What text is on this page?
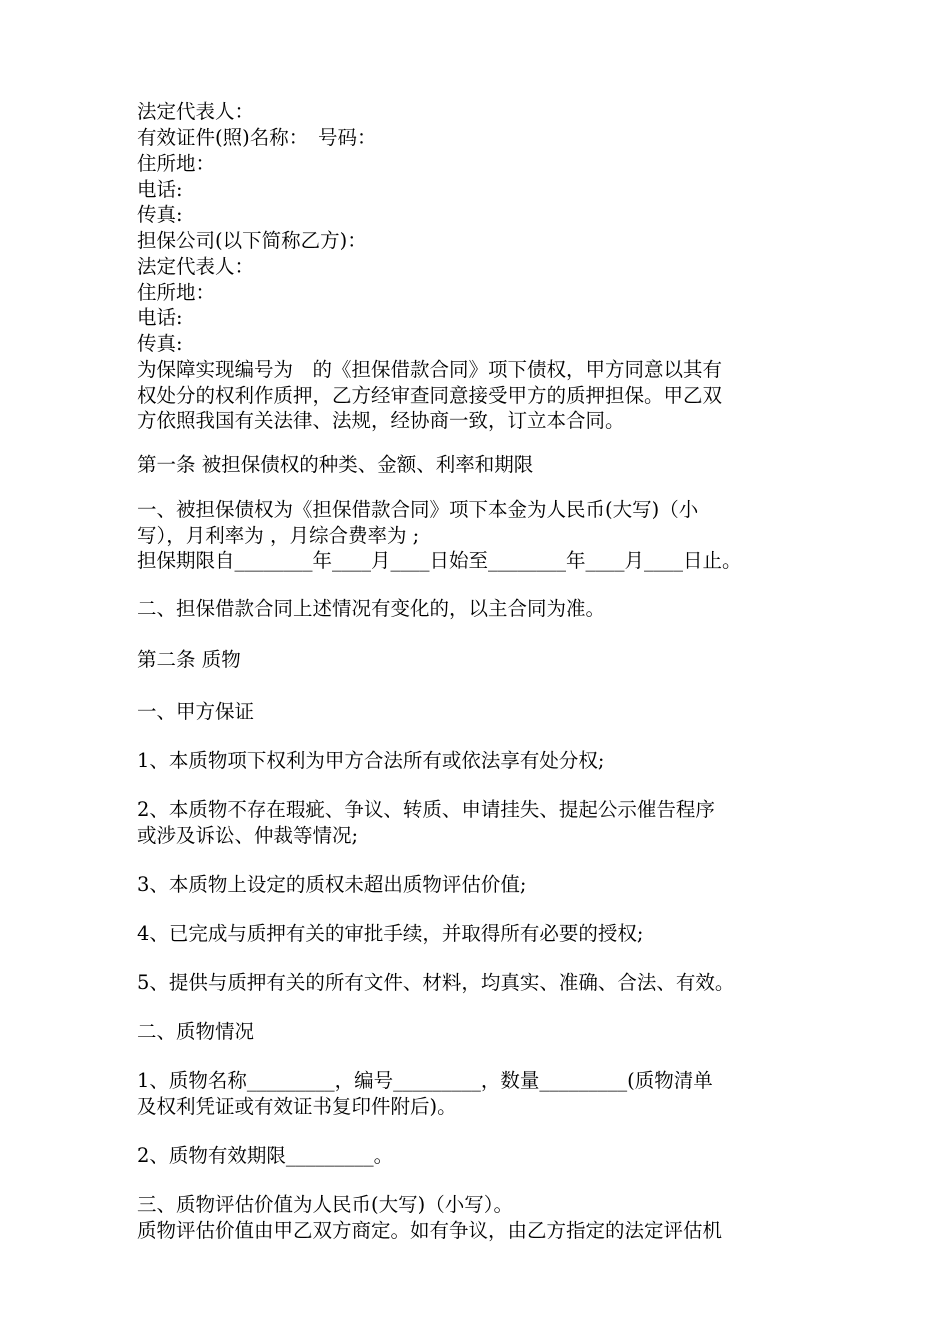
法定代表人：
有效证件(照)名称：　号码：
住所地：
电话:
传真:
担保公司(以下简称乙方)：
法定代表人：
住所地：
电话:
传真:
为保障实现编号为　的《担保借款合同》项下债权，甲方同意以其有
权处分的权利作质押，乙方经审查同意接受甲方的质押担保。甲乙双
方依照我国有关法律、法规，经协商一致，订立本合同。
第一条 被担保债权的种类、金额、利率和期限
一、被担保债权为《担保借款合同》项下本金为人民币(大写)（小
写），月利率为 ，月综合费率为 ;
担保期限自________年____月____日始至________年____月____日止。
二、担保借款合同上述情况有变化的，以主合同为准。
第二条 质物
一、甲方保证
1、本质物项下权利为甲方合法所有或依法享有处分权;
2、本质物不存在瑕疵、争议、转质、申请挂失、提起公示催告程序
或涉及诉讼、仲裁等情况;
3、本质物上设定的质权未超出质物评估价值;
4、已完成与质押有关的审批手续，并取得所有必要的授权;
5、提供与质押有关的所有文件、材料，均真实、准确、合法、有效。
二、质物情况
1、质物名称_________，编号_________，数量_________(质物清单
及权利凭证或有效证书复印件附后)。
2、质物有效期限_________。
三、质物评估价值为人民币(大写)（小写）。
质物评估价值由甲乙双方商定。如有争议，由乙方指定的法定评估机
